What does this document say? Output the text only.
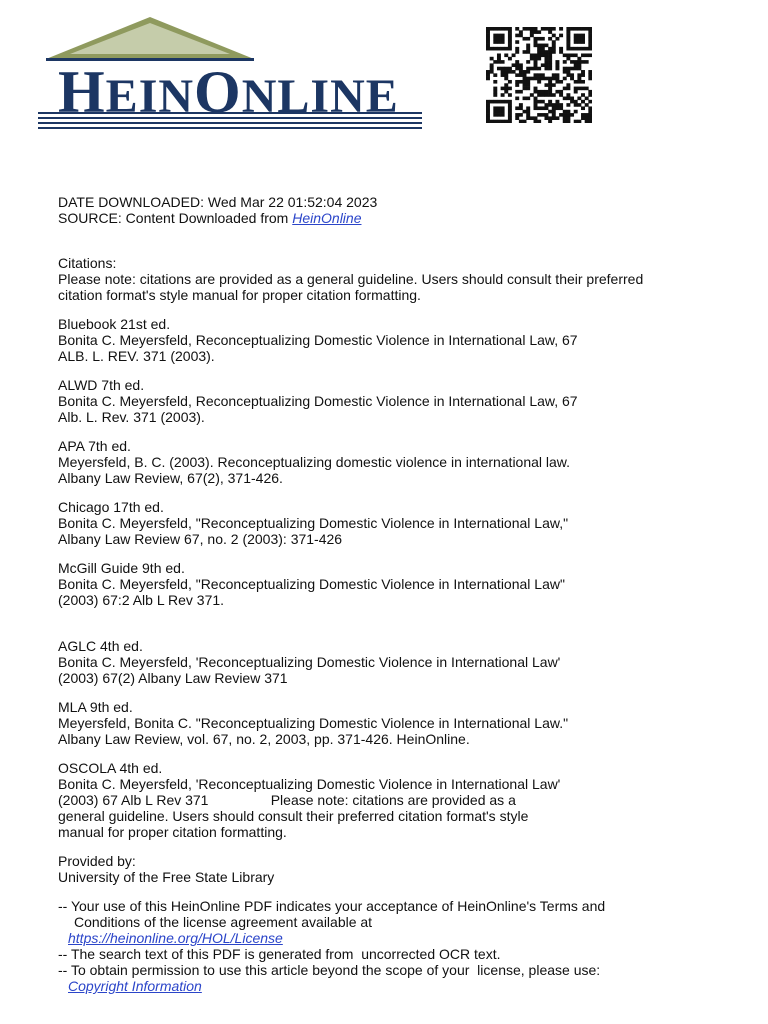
HEINONLINE
DATE DOWNLOADED: Wed Mar 22 01:52:04 2023
SOURCE: Content Downloaded from HeinOnline
Citations:
Please note: citations are provided as a general guideline. Users should consult their preferred
citation format's style manual for proper citation formatting.
Bluebook 21st ed.
Bonita C. Meyersfeld, Reconceptualizing Domestic Violence in International Law, 67
ALB. L. REV. 371 (2003).
ALWD 7th ed.
Bonita C. Meyersfeld, Reconceptualizing Domestic Violence in International Law, 67
Alb. L. Rev. 371 (2003).
APA 7th ed.
Meyersfeld, B. C. (2003). Reconceptualizing domestic violence in international law.
Albany Law Review, 67(2), 371-426.
Chicago 17th ed.
Bonita C. Meyersfeld, "Reconceptualizing Domestic Violence in International Law,"
Albany Law Review 67, no. 2 (2003): 371-426
McGill Guide 9th ed.
Bonita C. Meyersfeld, "Reconceptualizing Domestic Violence in International Law"
(2003) 67:2 Alb L Rev 371.
AGLC 4th ed.
Bonita C. Meyersfeld, 'Reconceptualizing Domestic Violence in International Law'
(2003) 67(2) Albany Law Review 371
MLA 9th ed.
Meyersfeld, Bonita C. "Reconceptualizing Domestic Violence in International Law."
Albany Law Review, vol. 67, no. 2, 2003, pp. 371-426. HeinOnline.
OSCOLA 4th ed.
Bonita C. Meyersfeld, 'Reconceptualizing Domestic Violence in International Law'
(2003) 67 Alb L Rev 371                Please note: citations are provided as a
general guideline. Users should consult their preferred citation format's style
manual for proper citation formatting.
Provided by:
University of the Free State Library
-- Your use of this HeinOnline PDF indicates your acceptance of HeinOnline's Terms and
Conditions of the license agreement available at
https://heinonline.org/HOL/License
-- The search text of this PDF is generated from  uncorrected OCR text.
-- To obtain permission to use this article beyond the scope of your  license, please use:
Copyright Information
